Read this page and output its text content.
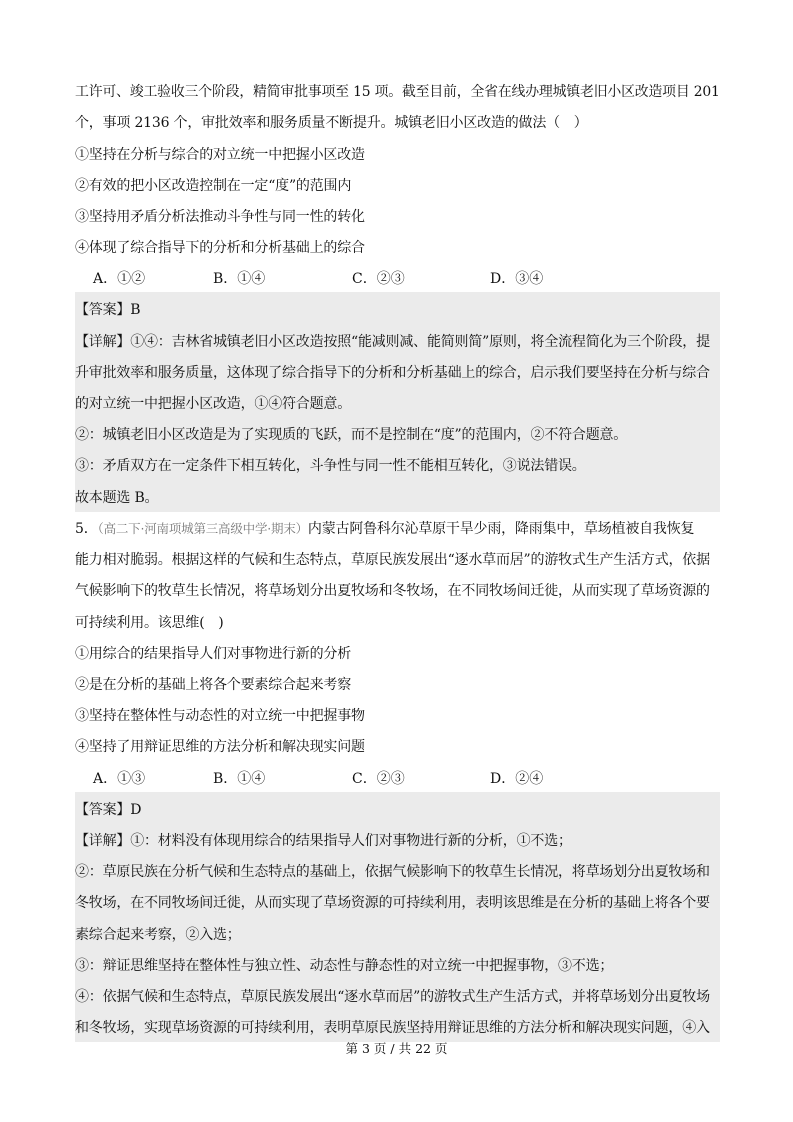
工许可、竣工验收三个阶段，精简审批事项至 15 项。截至目前，全省在线办理城镇老旧小区改造项目 201
个，事项 2136 个，审批效率和服务质量不断提升。城镇老旧小区改造的做法（　）
①坚持在分析与综合的对立统一中把握小区改造
②有效的把小区改造控制在一定“度”的范围内
③坚持用矛盾分析法推动斗争性与同一性的转化
④体现了综合指导下的分析和分析基础上的综合
A．①②	B．①④	C．②③	D．③④
【答案】B
【详解】①④：吉林省城镇老旧小区改造按照“能减则减、能简则简”原则，将全流程简化为三个阶段，提
升审批效率和服务质量，这体现了综合指导下的分析和分析基础上的综合，启示我们要坚持在分析与综合
的对立统一中把握小区改造，①④符合题意。
②：城镇老旧小区改造是为了实现质的飞跃，而不是控制在“度”的范围内，②不符合题意。
③：矛盾双方在一定条件下相互转化，斗争性与同一性不能相互转化，③说法错误。
故本题选 B。
5．（高二下·河南项城第三高级中学·期末）内蒙古阿鲁科尔沁草原干旱少雨，降雨集中，草场植被自我恢复
能力相对脆弱。根据这样的气候和生态特点，草原民族发展出“逐水草而居”的游牧式生产生活方式，依据
气候影响下的牧草生长情况，将草场划分出夏牧场和冬牧场，在不同牧场间迁徙，从而实现了草场资源的
可持续利用。该思维(　)
①用综合的结果指导人们对事物进行新的分析
②是在分析的基础上将各个要素综合起来考察
③坚持在整体性与动态性的对立统一中把握事物
④坚持了用辩证思维的方法分析和解决现实问题
A．①③	B．①④	C．②③	D．②④
【答案】D
【详解】①：材料没有体现用综合的结果指导人们对事物进行新的分析，①不选；
②：草原民族在分析气候和生态特点的基础上，依据气候影响下的牧草生长情况，将草场划分出夏牧场和
冬牧场，在不同牧场间迁徙，从而实现了草场资源的可持续利用，表明该思维是在分析的基础上将各个要
素综合起来考察，②入选；
③：辩证思维坚持在整体性与独立性、动态性与静态性的对立统一中把握事物，③不选；
④：依据气候和生态特点，草原民族发展出“逐水草而居”的游牧式生产生活方式，并将草场划分出夏牧场
和冬牧场，实现草场资源的可持续利用，表明草原民族坚持用辩证思维的方法分析和解决现实问题，④入
第 3 页 / 共 22 页
